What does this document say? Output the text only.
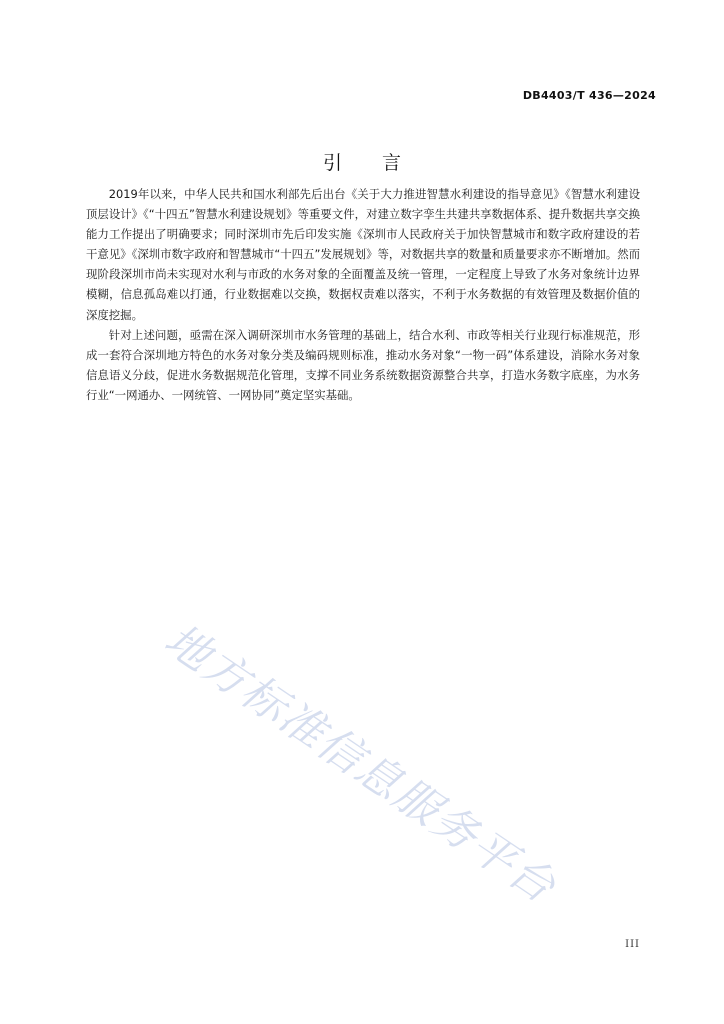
DB4403/T 436—2024
引 言

2019年以来，中华人民共和国水利部先后出台《关于大力推进智慧水利建设的指导意见》《智慧水利建设顶层设计》《“十四五”智慧水利建设规划》等重要文件，对建立数字孪生共建共享数据体系、提升数据共享交换能力工作提出了明确要求；同时深圳市先后印发实施《深圳市人民政府关于加快智慧城市和数字政府建设的若干意见》《深圳市数字政府和智慧城市“十四五”发展规划》等，对数据共享的数量和质量要求亦不断增加。然而现阶段深圳市尚未实现对水利与市政的水务对象的全面覆盖及统一管理，一定程度上导致了水务对象统计边界模糊，信息孤岛难以打通，行业数据难以交换，数据权责难以落实，不利于水务数据的有效管理及数据价值的深度挖掘。

针对上述问题，亟需在深入调研深圳市水务管理的基础上，结合水利、市政等相关行业现行标准规范，形成一套符合深圳地方特色的水务对象分类及编码规则标准，推动水务对象“一物一码”体系建设，消除水务对象信息语义分歧，促进水务数据规范化管理，支撑不同业务系统数据资源整合共享，打造水务数字底座，为水务行业“一网通办、一网统管、一网协同”奠定坚实基础。

地方标准信息服务平台
III
